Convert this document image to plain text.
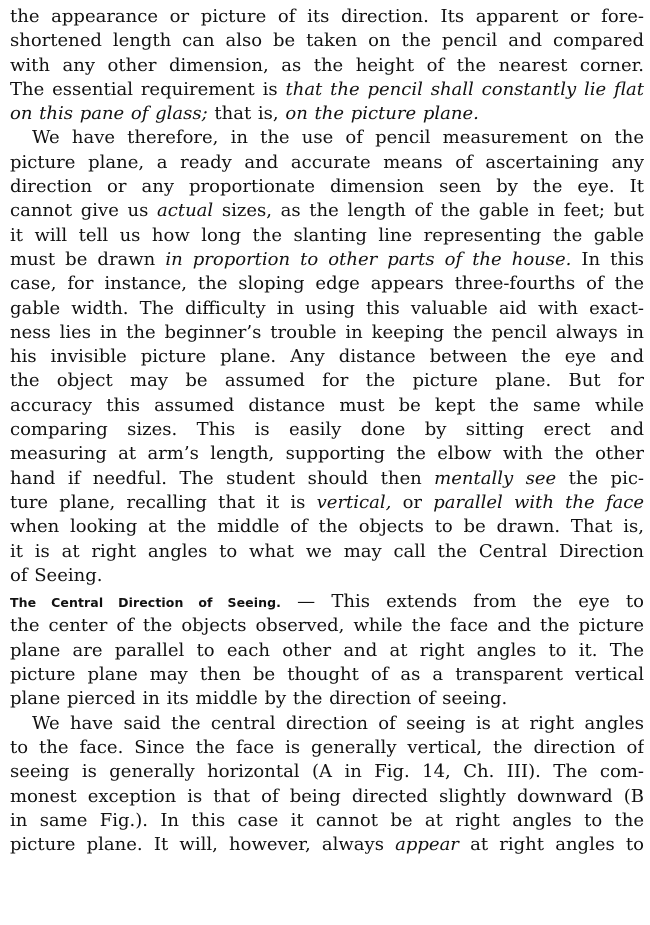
the appearance or picture of its direction. Its apparent or fore-
shortened length can also be taken on the pencil and compared
with any other dimension, as the height of the nearest corner.
The essential requirement is that the pencil shall constantly lie flat
on this pane of glass; that is, on the picture plane.
We have therefore, in the use of pencil measurement on the
picture plane, a ready and accurate means of ascertaining any
direction or any proportionate dimension seen by the eye. It
cannot give us actual sizes, as the length of the gable in feet; but
it will tell us how long the slanting line representing the gable
must be drawn in proportion to other parts of the house. In this
case, for instance, the sloping edge appears three-fourths of the
gable width. The difficulty in using this valuable aid with exact-
ness lies in the beginner’s trouble in keeping the pencil always in
his invisible picture plane. Any distance between the eye and
the object may be assumed for the picture plane. But for
accuracy this assumed distance must be kept the same while
comparing sizes. This is easily done by sitting erect and
measuring at arm’s length, supporting the elbow with the other
hand if needful. The student should then mentally see the pic-
ture plane, recalling that it is vertical, or parallel with the face
when looking at the middle of the objects to be drawn. That is,
it is at right angles to what we may call the Central Direction
of Seeing.
The Central Direction of Seeing. — This extends from the eye to
the center of the objects observed, while the face and the picture
plane are parallel to each other and at right angles to it. The
picture plane may then be thought of as a transparent vertical
plane pierced in its middle by the direction of seeing.
We have said the central direction of seeing is at right angles
to the face. Since the face is generally vertical, the direction of
seeing is generally horizontal (A in Fig. 14, Ch. III). The com-
monest exception is that of being directed slightly downward (B
in same Fig.). In this case it cannot be at right angles to the
picture plane. It will, however, always appear at right angles to
